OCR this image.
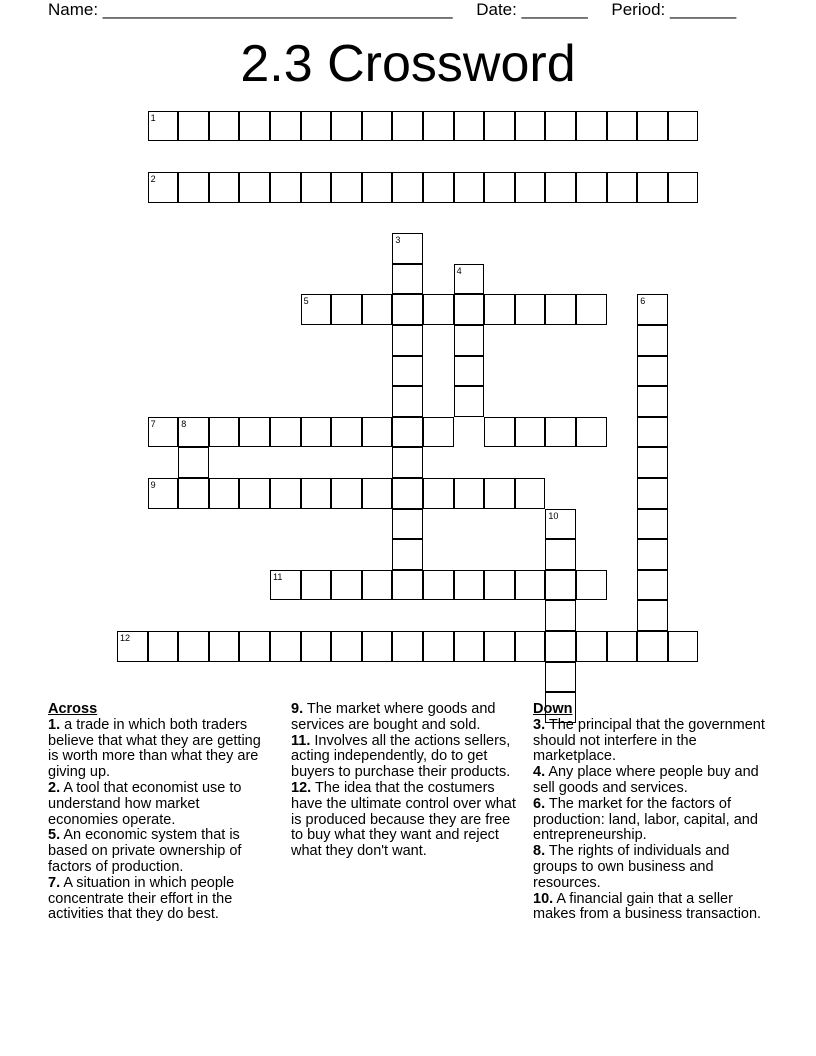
Name: _____________________________________     Date: _______     Period: _______
2.3 Crossword
1
2
3
4
5	6
7	8
9
10
11
12
Across
1. a trade in which both traders believe that what they are getting is worth more than what they are giving up.
2. A tool that economist use to understand how market economies operate.
5. An economic system that is based on private ownership of factors of production.
7. A situation in which people concentrate their effort in the activities that they do best.
9. The market where goods and services are bought and sold.
11. Involves all the actions sellers, acting independently, do to get buyers to purchase their products.
12. The idea that the costumers have the ultimate control over what is produced because they are free to buy what they want and reject what they don't want.
Down
3. The principal that the government should not interfere in the marketplace.
4. Any place where people buy and sell goods and services.
6. The market for the factors of production: land, labor, capital, and entrepreneurship.
8. The rights of individuals and groups to own business and resources.
10. A financial gain that a seller makes from a business transaction.
